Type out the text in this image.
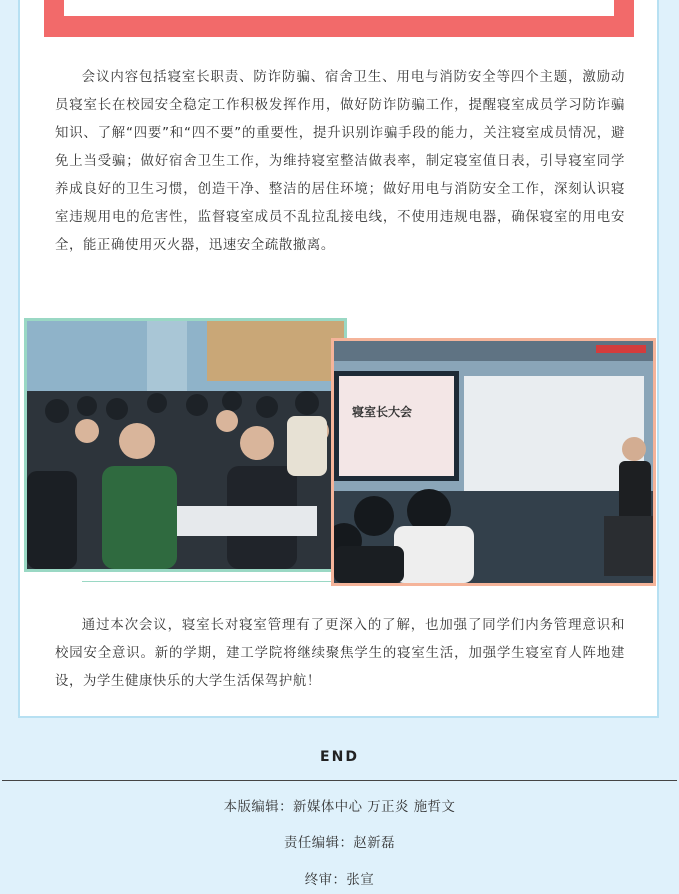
会议内容包括寝室长职责、防诈防骗、宿舍卫生、用电与消防安全等四个主题，激励动员寝室长在校园安全稳定工作积极发挥作用，做好防诈防骗工作，提醒寝室成员学习防诈骗知识、了解“四要”和“四不要”的重要性，提升识别诈骗手段的能力，关注寝室成员情况，避免上当受骗；做好宿舍卫生工作，为维持寝室整洁做表率，制定寝室值日表，引导寝室同学养成良好的卫生习惯，创造干净、整洁的居住环境；做好用电与消防安全工作，深刻认识寝室违规用电的危害性，监督寝室成员不乱拉乱接电线，不使用违规电器，确保寝室的用电安全，能正确使用灭火器，迅速安全疏散撤离。

寝室长大会

通过本次会议，寝室长对寝室管理有了更深入的了解，也加强了同学们内务管理意识和校园安全意识。新的学期，建工学院将继续聚焦学生的寝室生活，加强学生寝室育人阵地建设，为学生健康快乐的大学生活保驾护航！

END
本版编辑：新媒体中心 万正炎 施哲文
责任编辑：赵新磊
终审：张宣
